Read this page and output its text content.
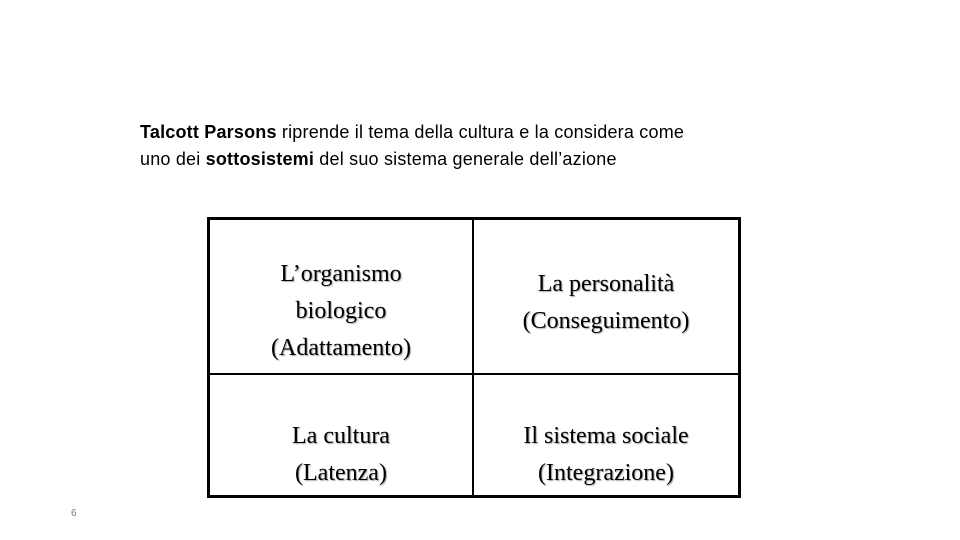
Talcott Parsons riprende il tema della cultura e la considera come
uno dei sottosistemi del suo sistema generale dell’azione
L’organismo
biologico
(Adattamento)
La personalità
(Conseguimento)
La cultura
(Latenza)
Il sistema sociale
(Integrazione)
6
